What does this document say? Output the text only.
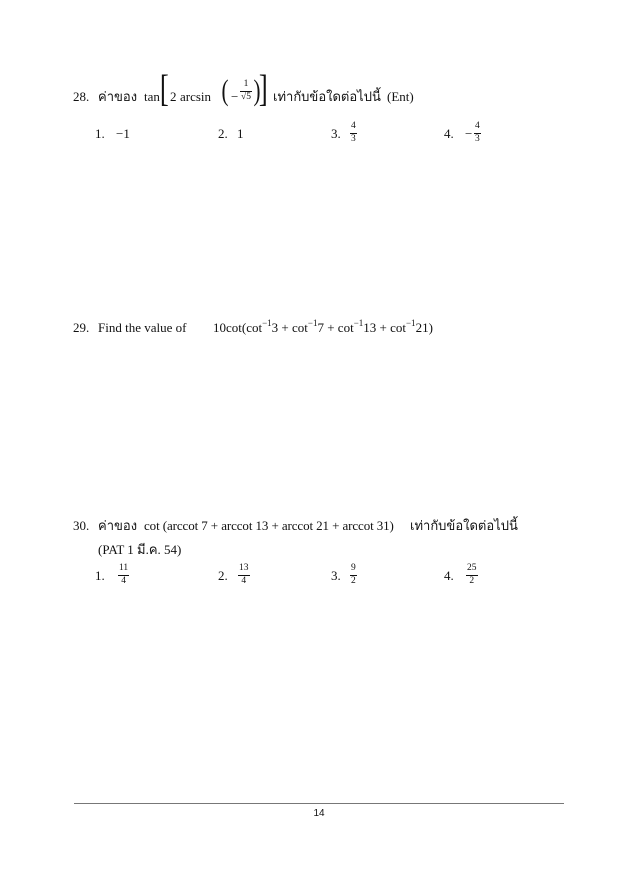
28. ค่าของ tan [ 2 arcsin ( −
1
√5 )
] เท่ากับข้อใดต่อไปนี้ (Ent)
1. −1	2. 1	3. 4
3	4. − 4
3
29. Find the value of $10\cot(\cot^{-1}3 + \cot^{-1}7 + \cot^{-1}13 + \cot^{-1}21)$
30. ค่าของ cot (arccot 7 + arccot 13 + arccot 21 + arccot 31) เท่ากับข้อใดต่อไปนี้
(PAT 1 มี.ค. 54)
1. 11
4	2. 13
4	3. 9
2	4. 25
2
14
